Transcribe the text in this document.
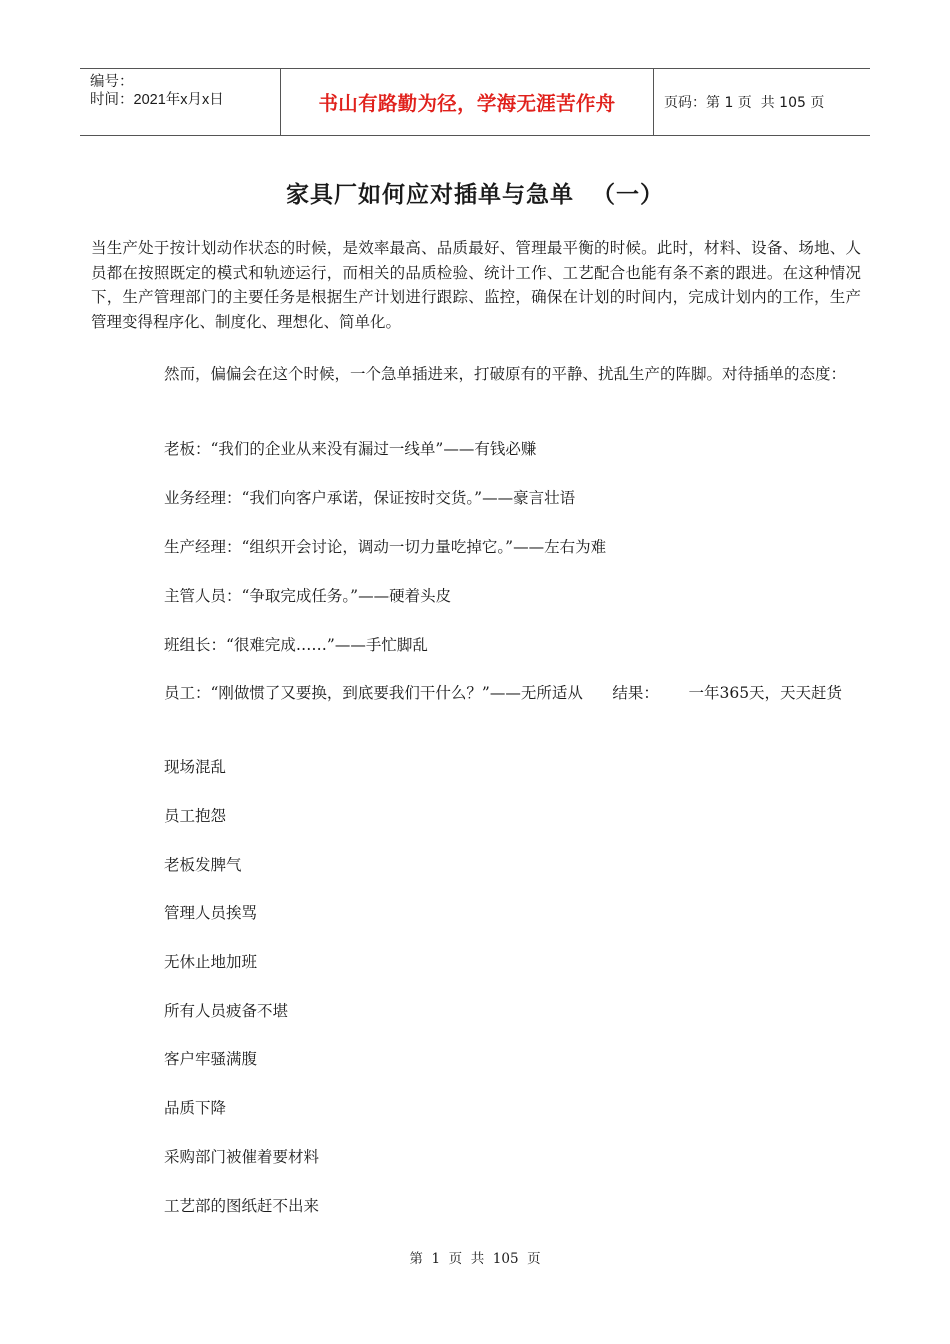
编号：
时间：2021年x月x日	书山有路勤为径，学海无涯苦作舟	页码：第 1 页  共 105 页
家具厂如何应对插单与急单  （一）
当生产处于按计划动作状态的时候，是效率最高、品质最好、管理最平衡的时候。此时，材料、设备、场地、人员都在按照既定的模式和轨迹运行，而相关的品质检验、统计工作、工艺配合也能有条不紊的跟进。在这种情况下，生产管理部门的主要任务是根据生产计划进行跟踪、监控，确保在计划的时间内，完成计划内的工作，生产管理变得程序化、制度化、理想化、简单化。
然而，偏偏会在这个时候，一个急单插进来，打破原有的平静、扰乱生产的阵脚。对待插单的态度：
老板：“我们的企业从来没有漏过一线单”——有钱必赚
业务经理：“我们向客户承诺，保证按时交货。”——豪言壮语
生产经理：“组织开会讨论，调动一切力量吃掉它。”——左右为难
主管人员：“争取完成任务。”——硬着头皮
班组长：“很难完成……”——手忙脚乱
员工：“刚做惯了又要换，到底要我们干什么？”——无所适从      结果：      一年365天，天天赶货
现场混乱
员工抱怨
老板发脾气
管理人员挨骂
无休止地加班
所有人员疲备不堪
客户牢骚满腹
品质下降
采购部门被催着要材料
工艺部的图纸赶不出来
第  1  页  共  105  页
